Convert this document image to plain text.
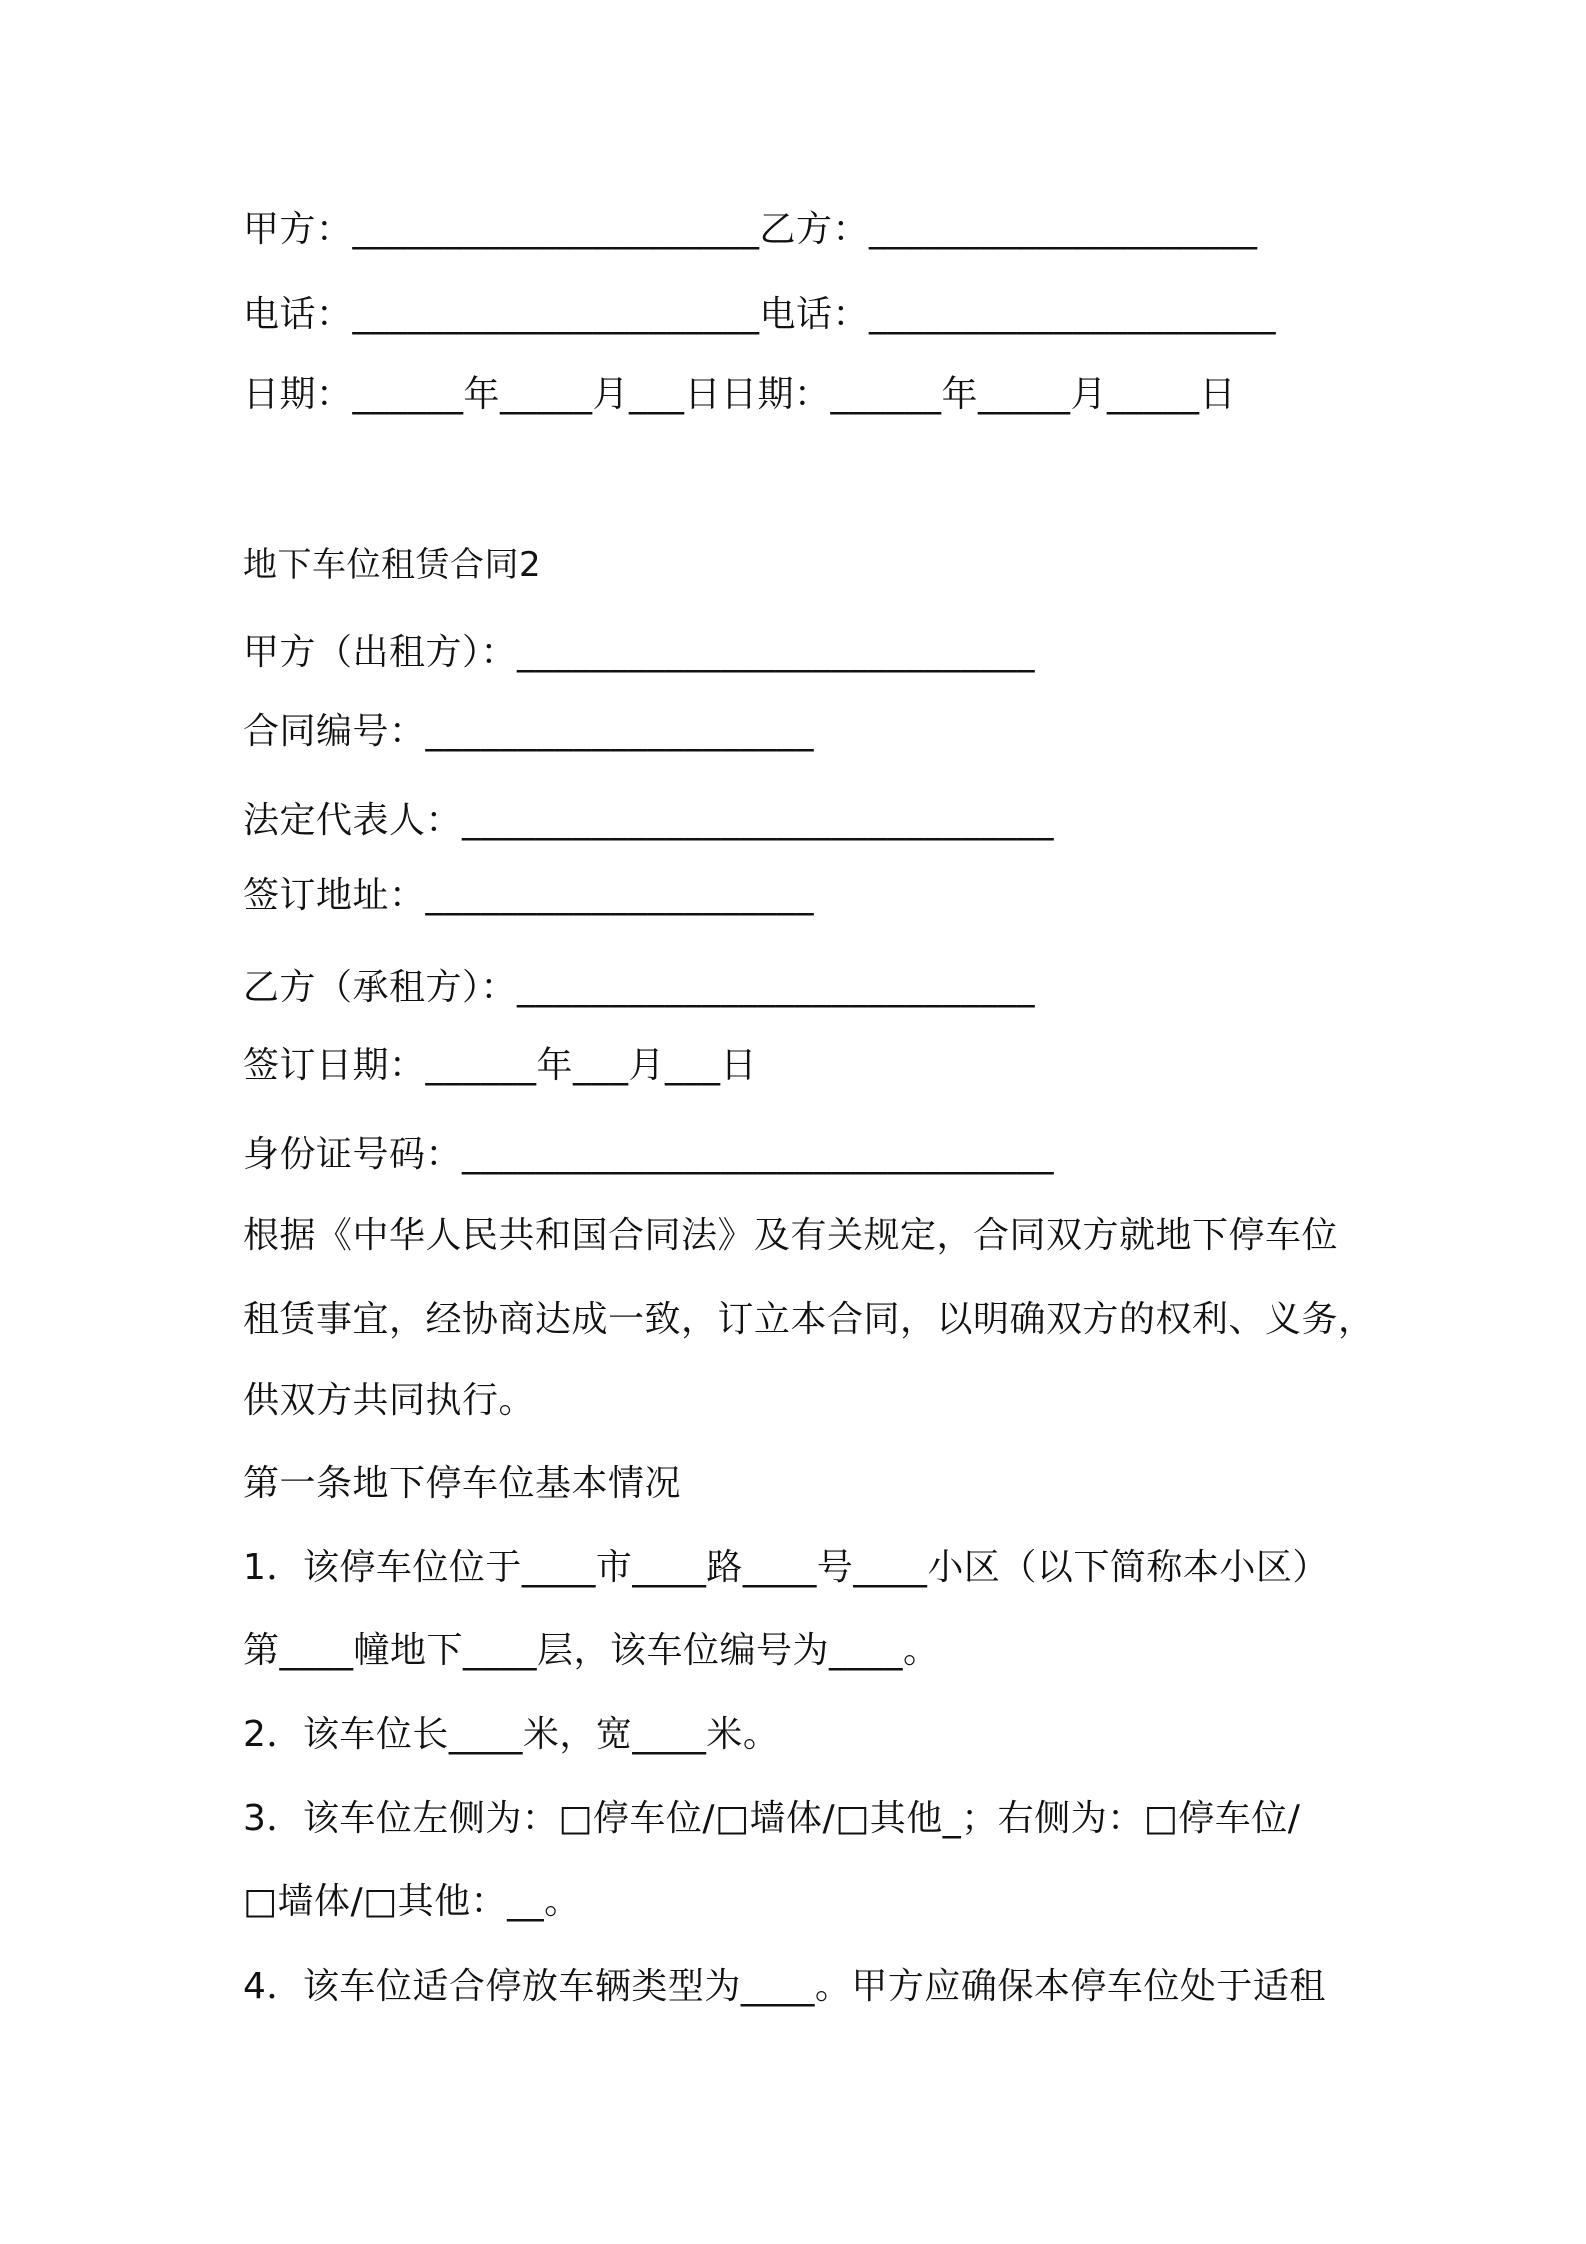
甲方：______________________乙方：_____________________
电话：______________________电话：______________________
日期：______年_____月___日日期：______年_____月_____日
地下车位租赁合同2
甲方（出租方）：____________________________
合同编号：_____________________
法定代表人：________________________________
签订地址：_____________________
乙方（承租方）：____________________________
签订日期：______年___月___日
身份证号码：________________________________
根据《中华人民共和国合同法》及有关规定，合同双方就地下停车位
租赁事宜，经协商达成一致，订立本合同，以明确双方的权利、义务，
供双方共同执行。
第一条地下停车位基本情况
1．该停车位位于____市____路____号____小区（以下简称本小区）
第____幢地下____层，该车位编号为____。
2．该车位长____米，宽____米。
3．该车位左侧为：□停车位/□墙体/□其他_；右侧为：□停车位/
□墙体/□其他：__。
4．该车位适合停放车辆类型为____。甲方应确保本停车位处于适租
